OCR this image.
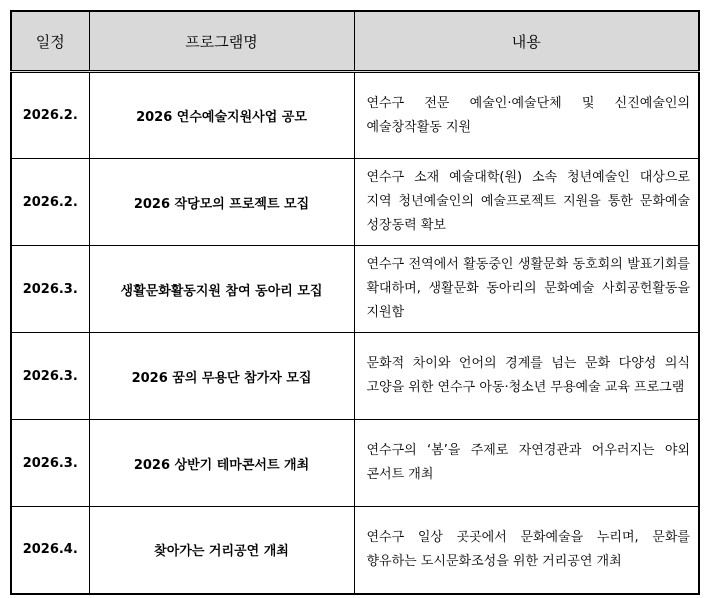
일정	프로그램명	내용
2026.2.	2026 연수예술지원사업 공모	연수구 전문 예술인·예술단체 및 신진예술인의 예술창작활동 지원
2026.2.	2026 작당모의 프로젝트 모집	연수구 소재 예술대학(원) 소속 청년예술인 대상으로 지역 청년예술인의 예술프로젝트 지원을 통한 문화예술 성장동력 확보
2026.3.	생활문화활동지원 참여 동아리 모집	연수구 전역에서 활동중인 생활문화 동호회의 발표기회를 확대하며, 생활문화 동아리의 문화예술 사회공헌활동을 지원함
2026.3.	2026 꿈의 무용단 참가자 모집	문화적 차이와 언어의 경계를 넘는 문화 다양성 의식 고양을 위한 연수구 아동·청소년 무용예술 교육 프로그램
2026.3.	2026 상반기 테마콘서트 개최	연수구의 ‘봄’을 주제로 자연경관과 어우러지는 야외 콘서트 개최
2026.4.	찾아가는 거리공연 개최	연수구 일상 곳곳에서 문화예술을 누리며, 문화를 향유하는 도시문화조성을 위한 거리공연 개최
